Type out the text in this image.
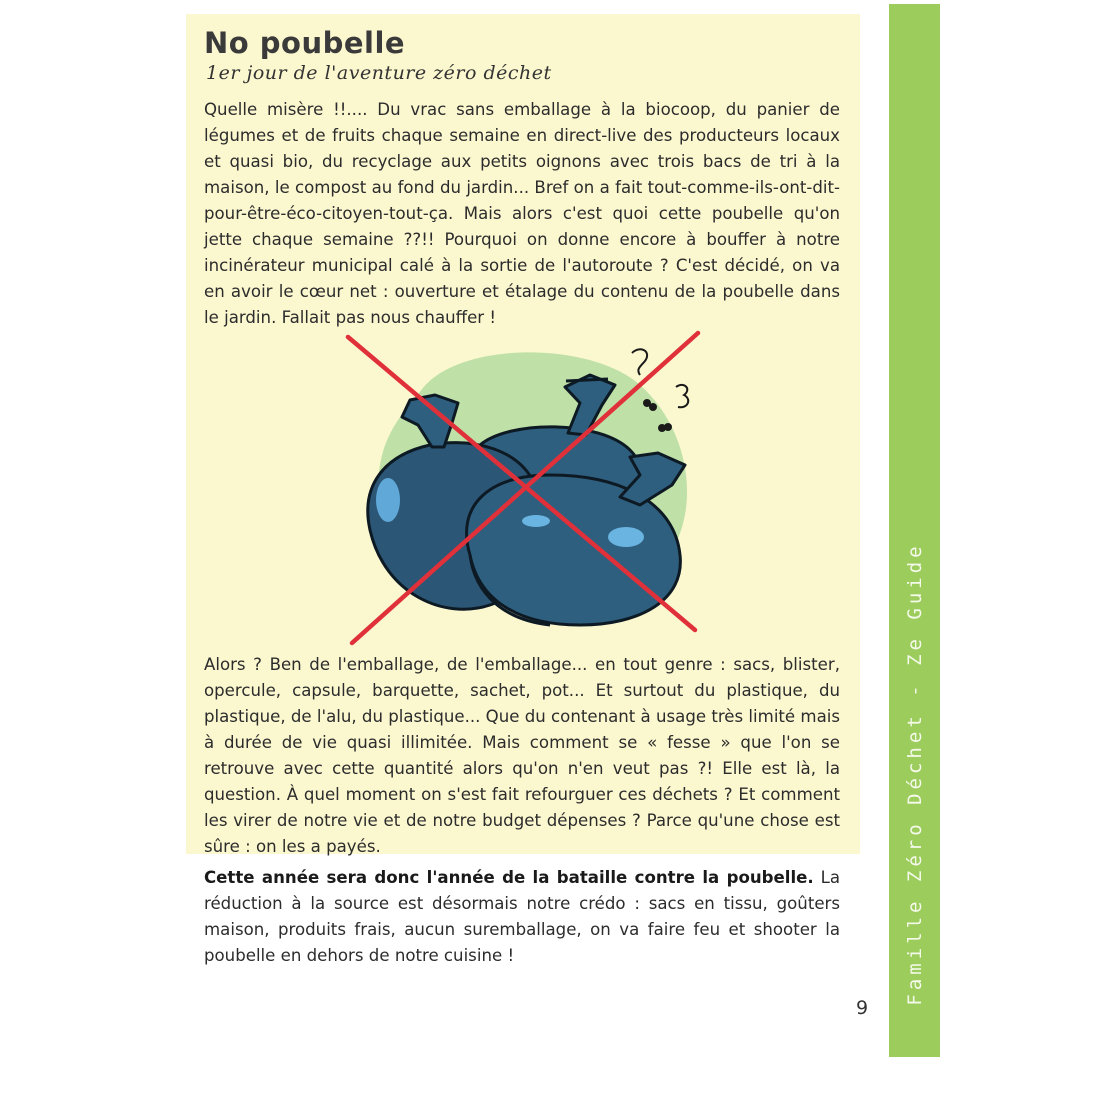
No poubelle

1er jour de l'aventure zéro déchet

Quelle misère !!.... Du vrac sans emballage à la biocoop, du panier de légumes et de fruits chaque semaine en direct-live des producteurs locaux et quasi bio, du recyclage aux petits oignons avec trois bacs de tri à la maison, le compost au fond du jardin... Bref on a fait tout-comme-ils-ont-dit-pour-être-éco-citoyen-tout-ça. Mais alors c'est quoi cette poubelle qu'on jette chaque semaine ??!! Pourquoi on donne encore à bouffer à notre incinérateur municipal calé à la sortie de l'autoroute ? C'est décidé, on va en avoir le cœur net : ouverture et étalage du contenu de la poubelle dans le jardin. Fallait pas nous chauffer !

Alors ? Ben de l'emballage, de l'emballage... en tout genre : sacs, blister, opercule, capsule, barquette, sachet, pot... Et surtout du plastique, du plastique, de l'alu, du plastique... Que du contenant à usage très limité mais à durée de vie quasi illimitée. Mais comment se « fesse » que l'on se retrouve avec cette quantité alors qu'on n'en veut pas ?! Elle est là, la question. À quel moment on s'est fait refourguer ces déchets ? Et comment les virer de notre vie et de notre budget dépenses ? Parce qu'une chose est sûre : on les a payés.

Cette année sera donc l'année de la bataille contre la poubelle. La réduction à la source est désormais notre crédo : sacs en tissu, goûters maison, produits frais, aucun suremballage, on va faire feu et shooter la poubelle en dehors de notre cuisine !	Famille Zéro Déchet - Ze Guide
9
